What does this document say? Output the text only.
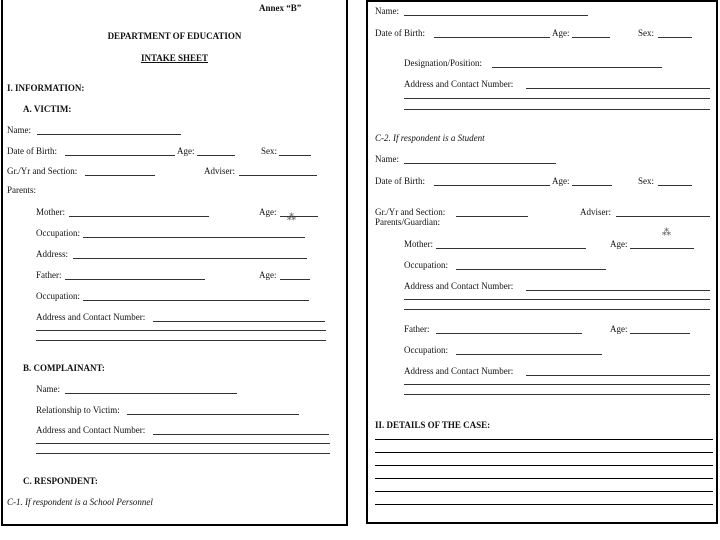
Annex “B”
DEPARTMENT OF EDUCATION
INTAKE SHEET
I. INFORMATION:
A. VICTIM:
Name:
Date of Birth:	Age:	Sex:
Gr./Yr and Section:	Adviser:
Parents:
Mother:	Age: ⁂
Occupation:
Address:
Father:	Age:
Occupation:
Address and Contact Number:
B. COMPLAINANT:
Name:
Relationship to Victim:
Address and Contact Number:
C. RESPONDENT:
C-1. If respondent is a School Personnel
Name:
Date of Birth:	Age:	Sex:
Designation/Position:
Address and Contact Number:
C-2. If respondent is a Student
Name:
Date of Birth:	Age:	Sex:
Gr./Yr and Section:	Adviser:
Parents/Guardian:
Mother:	Age:
⁂
Occupation:
Address and Contact Number:
Father:	Age:
Occupation:
Address and Contact Number:
II. DETAILS OF THE CASE:
